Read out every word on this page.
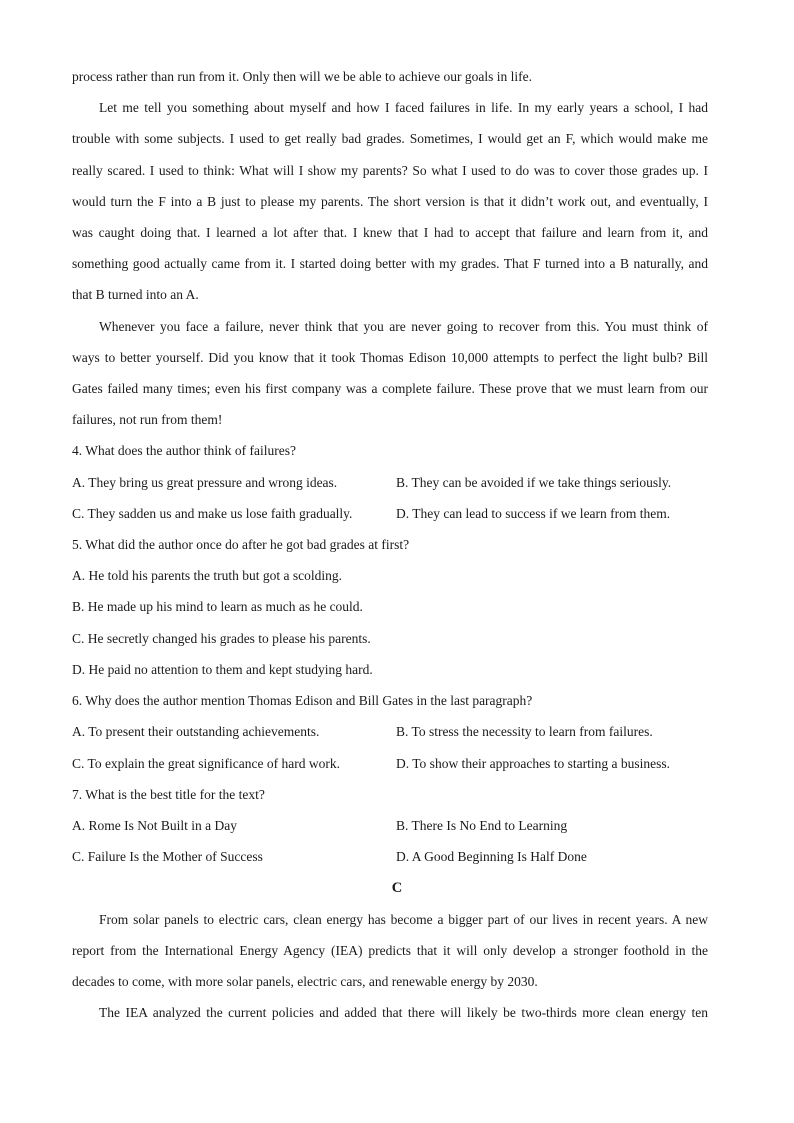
process rather than run from it. Only then will we be able to achieve our goals in life.
Let me tell you something about myself and how I faced failures in life. In my early years a school, I had
trouble with some subjects. I used to get really bad grades. Sometimes, I would get an F, which would make me
really scared. I used to think: What will I show my parents? So what I used to do was to cover those grades up. I
would turn the F into a B just to please my parents. The short version is that it didn’t work out, and eventually, I
was caught doing that. I learned a lot after that. I knew that I had to accept that failure and learn from it, and
something good actually came from it. I started doing better with my grades. That F turned into a B naturally, and
that B turned into an A.
Whenever you face a failure, never think that you are never going to recover from this. You must think of
ways to better yourself. Did you know that it took Thomas Edison 10,000 attempts to perfect the light bulb? Bill
Gates failed many times; even his first company was a complete failure. These prove that we must learn from our
failures, not run from them!
4. What does the author think of failures?
A. They bring us great pressure and wrong ideas.	B. They can be avoided if we take things seriously.
C. They sadden us and make us lose faith gradually.	D. They can lead to success if we learn from them.
5. What did the author once do after he got bad grades at first?
A. He told his parents the truth but got a scolding.
B. He made up his mind to learn as much as he could.
C. He secretly changed his grades to please his parents.
D. He paid no attention to them and kept studying hard.
6. Why does the author mention Thomas Edison and Bill Gates in the last paragraph?
A. To present their outstanding achievements.	B. To stress the necessity to learn from failures.
C. To explain the great significance of hard work.	D. To show their approaches to starting a business.
7. What is the best title for the text?
A. Rome Is Not Built in a Day	B. There Is No End to Learning
C. Failure Is the Mother of Success	D. A Good Beginning Is Half Done
C
From solar panels to electric cars, clean energy has become a bigger part of our lives in recent years. A new
report from the International Energy Agency (IEA) predicts that it will only develop a stronger foothold in the
decades to come, with more solar panels, electric cars, and renewable energy by 2030.
The IEA analyzed the current policies and added that there will likely be two-thirds more clean energy ten
